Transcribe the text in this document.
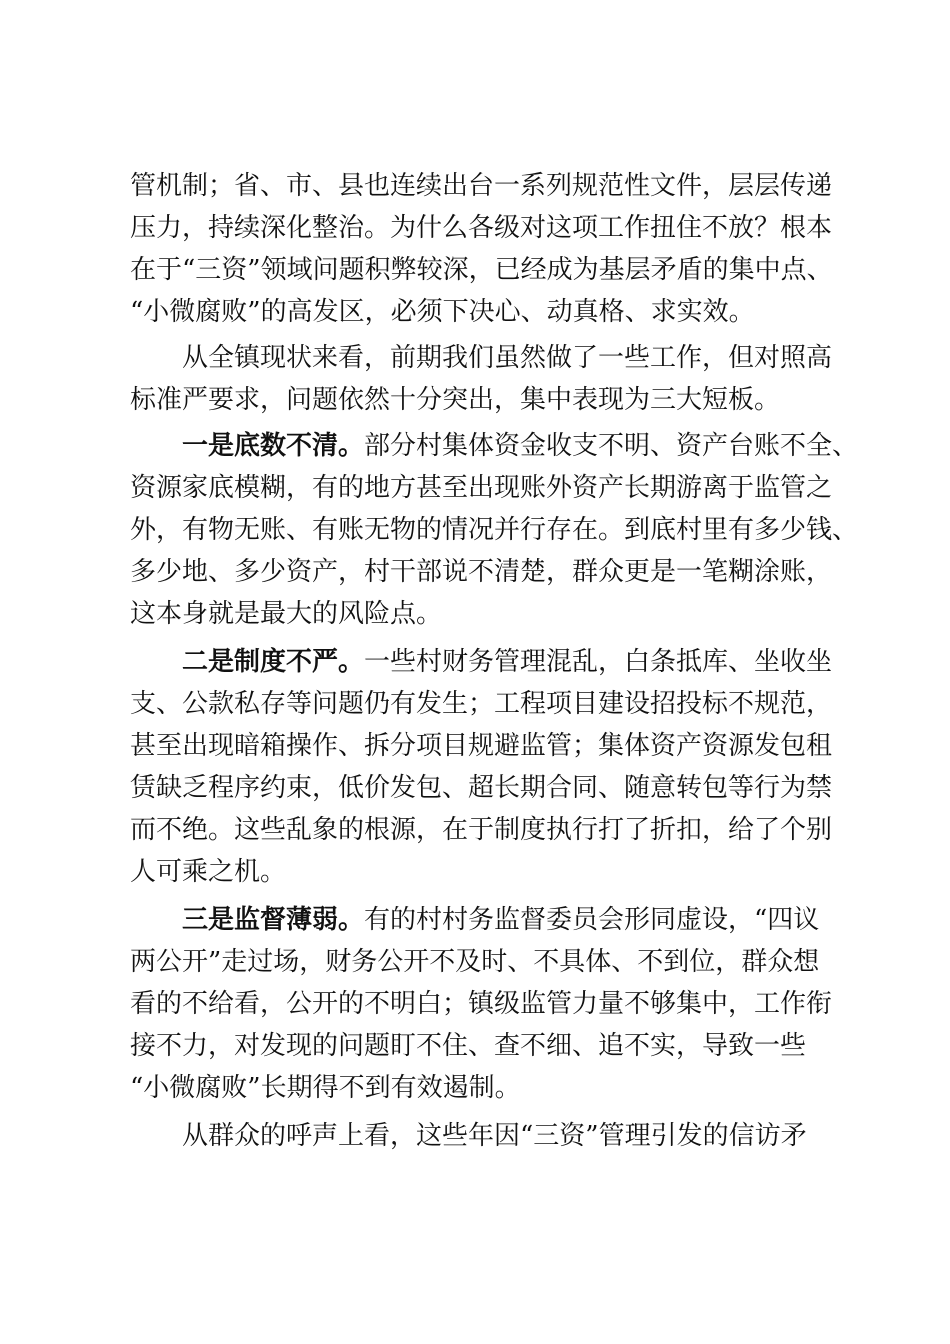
管机制；省、市、县也连续出台一系列规范性文件，层层传递
压力，持续深化整治。为什么各级对这项工作扭住不放？根本
在于“三资”领域问题积弊较深，已经成为基层矛盾的集中点、
“小微腐败”的高发区，必须下决心、动真格、求实效。
从全镇现状来看，前期我们虽然做了一些工作，但对照高
标准严要求，问题依然十分突出，集中表现为三大短板。
一是底数不清。部分村集体资金收支不明、资产台账不全、
资源家底模糊，有的地方甚至出现账外资产长期游离于监管之
外，有物无账、有账无物的情况并行存在。到底村里有多少钱、
多少地、多少资产，村干部说不清楚，群众更是一笔糊涂账，
这本身就是最大的风险点。
二是制度不严。一些村财务管理混乱，白条抵库、坐收坐
支、公款私存等问题仍有发生；工程项目建设招投标不规范，
甚至出现暗箱操作、拆分项目规避监管；集体资产资源发包租
赁缺乏程序约束，低价发包、超长期合同、随意转包等行为禁
而不绝。这些乱象的根源，在于制度执行打了折扣，给了个别
人可乘之机。
三是监督薄弱。有的村村务监督委员会形同虚设，“四议
两公开”走过场，财务公开不及时、不具体、不到位，群众想
看的不给看，公开的不明白；镇级监管力量不够集中，工作衔
接不力，对发现的问题盯不住、查不细、追不实，导致一些
“小微腐败”长期得不到有效遏制。
从群众的呼声上看，这些年因“三资”管理引发的信访矛
